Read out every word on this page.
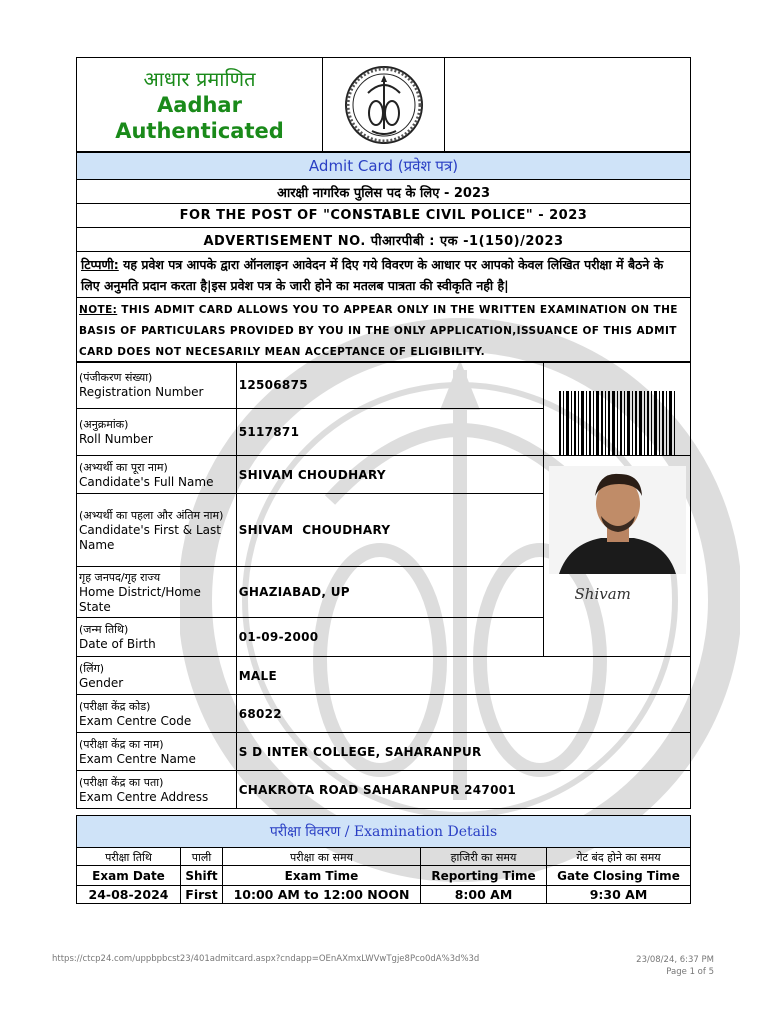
आधार प्रमाणित
Aadhar
Authenticated
Admit Card (प्रवेश पत्र)
आरक्षी नागरिक पुलिस पद के लिए - 2023
FOR THE POST OF "CONSTABLE CIVIL POLICE" - 2023
ADVERTISEMENT NO. पीआरपीबी : एक -1(150)/2023
टिप्पणी: यह प्रवेश पत्र आपके द्वारा ऑनलाइन आवेदन में दिए गये विवरण के आधार पर आपको केवल लिखित परीक्षा में बैठने के लिए अनुमति प्रदान करता है|इस प्रवेश पत्र के जारी होने का मतलब पात्रता की स्वीकृति नही है|
NOTE: THIS ADMIT CARD ALLOWS YOU TO APPEAR ONLY IN THE WRITTEN EXAMINATION ON THE BASIS OF PARTICULARS PROVIDED BY YOU IN THE ONLY APPLICATION,ISSUANCE OF THIS ADMIT CARD DOES NOT NECESARILY MEAN ACCEPTANCE OF ELIGIBILITY.
(पंजीकरण संख्या)
Registration Number	12506875	

(अनुक्रमांक)
Roll Number	5117871	

(अभ्यर्थी का पूरा नाम)
Candidate's Full Name	SHIVAM CHOUDHARY	Shivam

(अभ्यर्थी का पहला और अंतिम नाम)
Candidate's First & Last Name	SHIVAM  CHOUDHARY	

गृह जनपद/गृह राज्य
Home District/Home State	GHAZIABAD, UP	

(जन्म तिथि)
Date of Birth	01-09-2000	

(लिंग)
Gender	MALE	

(परीक्षा केंद्र कोड)
Exam Centre Code	68022	

(परीक्षा केंद्र का नाम)
Exam Centre Name	S D INTER COLLEGE, SAHARANPUR	

(परीक्षा केंद्र का पता)
Exam Centre Address	CHAKROTA ROAD SAHARANPUR 247001	
परीक्षा विवरण / Examination Details				
परीक्षा तिथि	पाली	परीक्षा का समय	हाजिरी का समय	गेट बंद होने का समय
Exam Date	Shift	Exam Time	Reporting Time	Gate Closing Time
24-08-2024	First	10:00 AM to 12:00 NOON	8:00 AM	9:30 AM
https://ctcp24.com/uppbpbcst23/401admitcard.aspx?cndapp=OEnAXmxLWVwTgje8Pco0dA%3d%3d	23/08/24, 6:37 PM
Page 1 of 5
